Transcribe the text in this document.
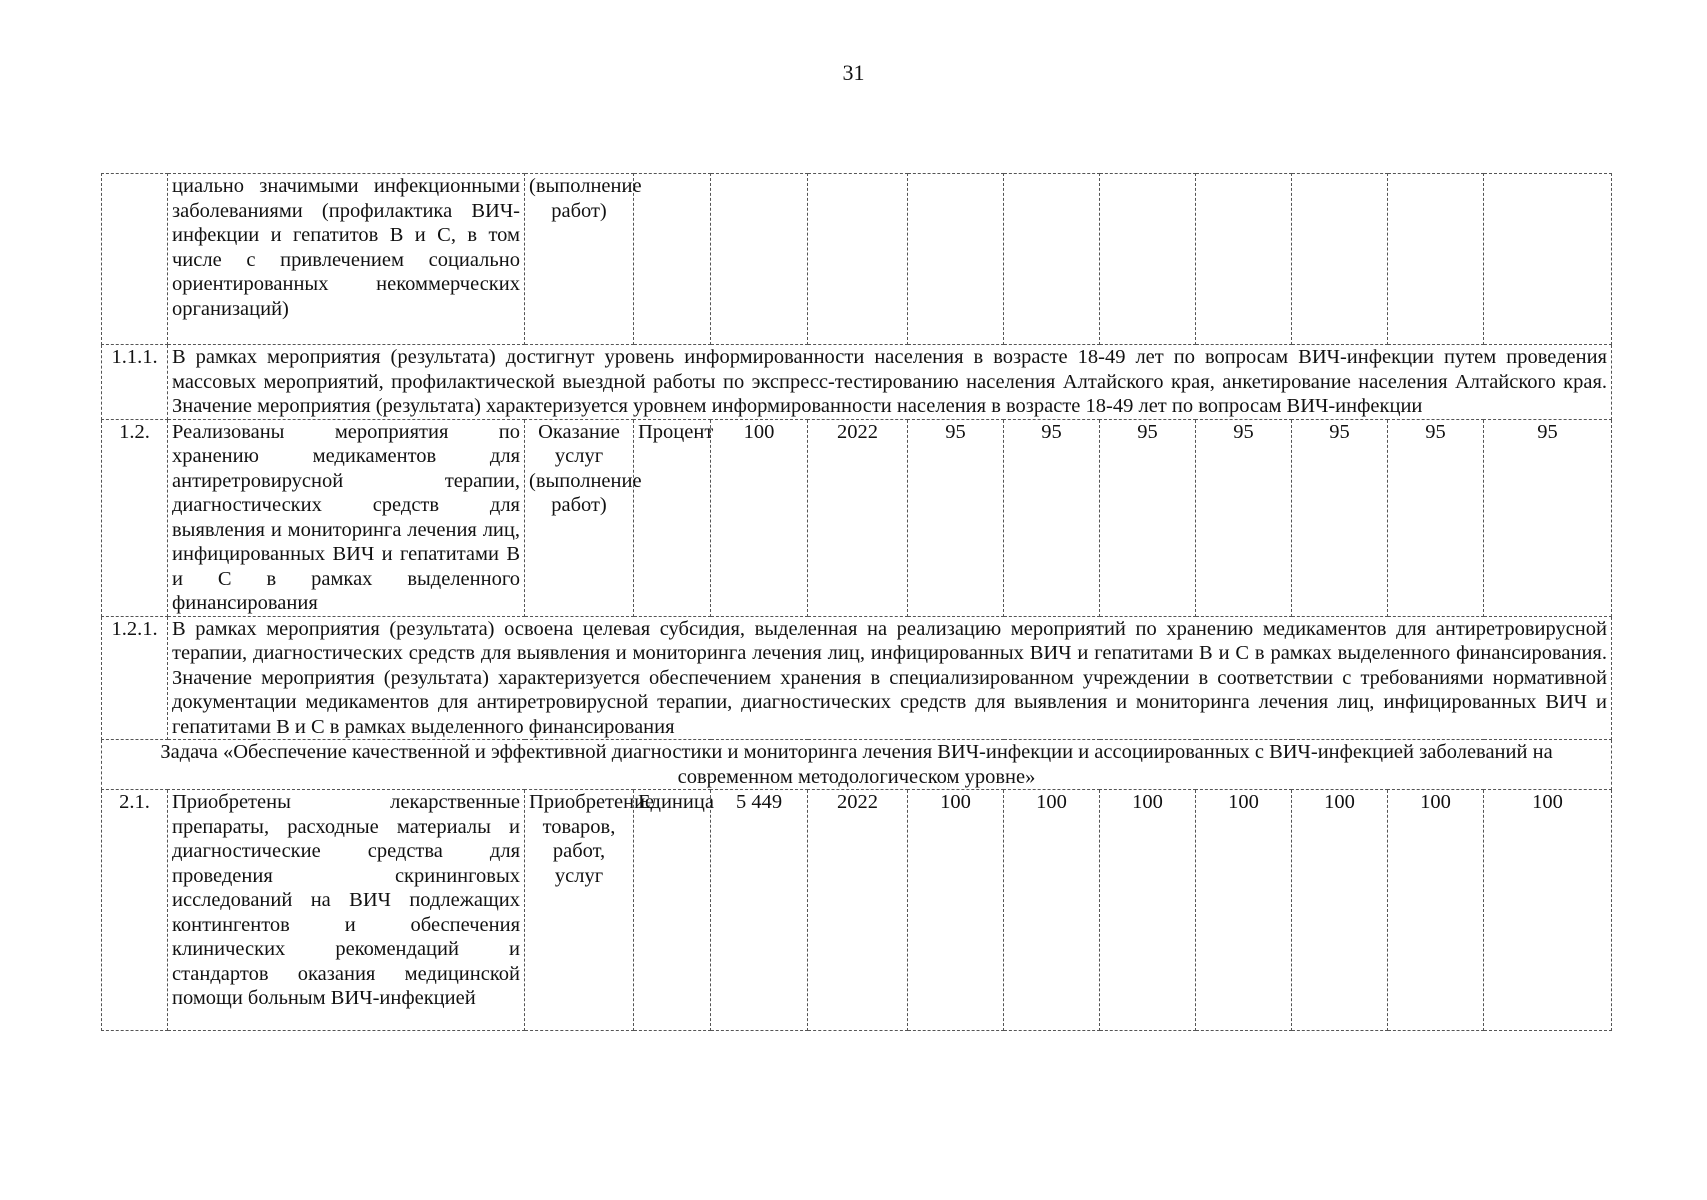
31
	циально значимыми инфекционными заболеваниями (профилактика ВИЧ-инфекции и гепатитов В и С, в том числе с привлечением социально ориентированных некоммерческих организаций)	(выполнение работ)										
1.1.1.	В рамках мероприятия (результата) достигнут уровень информированности населения в возрасте 18-49 лет по вопросам ВИЧ-инфекции путем проведения массовых мероприятий, профилактической выездной работы по экспресс-тестированию населения Алтайского края, анкетирование населения Алтайского края. Значение мероприятия (результата) характеризуется уровнем информированности населения в возрасте 18-49 лет по вопросам ВИЧ-инфекции											
1.2.	Реализованы мероприятия по хранению медикаментов для антиретровирусной терапии, диагностических средств для выявления и мониторинга лечения лиц, инфицированных ВИЧ и гепатитами В и С в рамках выделенного финансирования	Оказание услуг (выполнение работ)	Процент	100	2022	95	95	95	95	95	95	95
1.2.1.	В рамках мероприятия (результата) освоена целевая субсидия, выделенная на реализацию мероприятий по хранению медикаментов для антиретровирусной терапии, диагностических средств для выявления и мониторинга лечения лиц, инфицированных ВИЧ и гепатитами В и С в рамках выделенного финансирования. Значение мероприятия (результата) характеризуется обеспечением хранения в специализированном учреждении в соответствии с требованиями нормативной документации медикаментов для антиретровирусной терапии, диагностических средств для выявления и мониторинга лечения лиц, инфицированных ВИЧ и гепатитами В и С в рамках выделенного финансирования											
Задача «Обеспечение качественной и эффективной диагностики и мониторинга лечения ВИЧ-инфекции и ассоциированных с ВИЧ-инфекцией заболеваний на современном методологическом уровне»												
2.1.	Приобретены лекарственные препараты, расходные материалы и диагностические средства для проведения скрининговых исследований на ВИЧ подлежащих контингентов и обеспечения клинических рекомендаций и стандартов оказания медицинской помощи больным ВИЧ-инфекцией	Приобретение товаров, работ, услуг	Единица	5 449	2022	100	100	100	100	100	100	100
